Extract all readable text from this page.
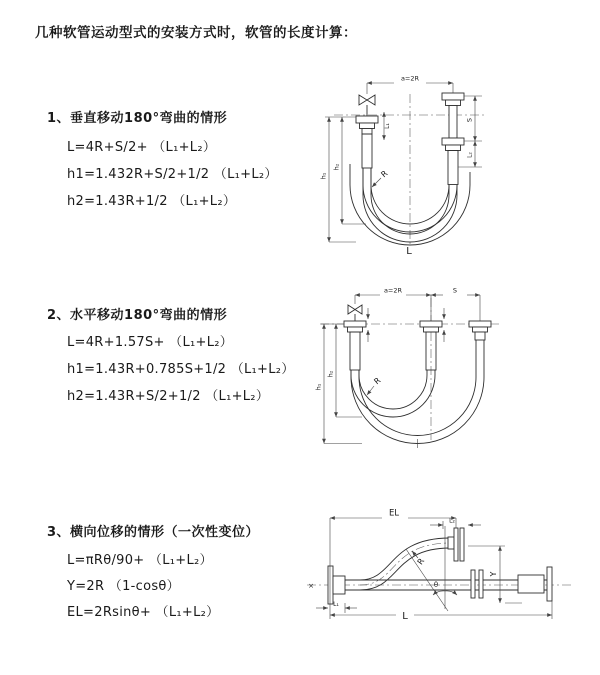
几种软管运动型式的安装方式时，软管的长度计算：
1、垂直移动180°弯曲的情形
L=4R+S/2+ （L₁+L₂）
h1=1.432R+S/2+1/2 （L₁+L₂）
h2=1.43R+1/2 （L₁+L₂）
2、水平移动180°弯曲的情形
L=4R+1.57S+ （L₁+L₂）
h1=1.43R+0.785S+1/2 （L₁+L₂）
h2=1.43R+S/2+1/2 （L₁+L₂）
3、横向位移的情形（一次性变位）
L=πRθ/90+ （L₁+L₂）
Y=2R （1-cosθ）
EL=2Rsinθ+ （L₁+L₂）
a=2R
h₁
h₂
L₁
S
L₂
R
L
a=2R	S
h₁
h₂
R
×
EL
L₂
Y
θ
R
L₁
L
